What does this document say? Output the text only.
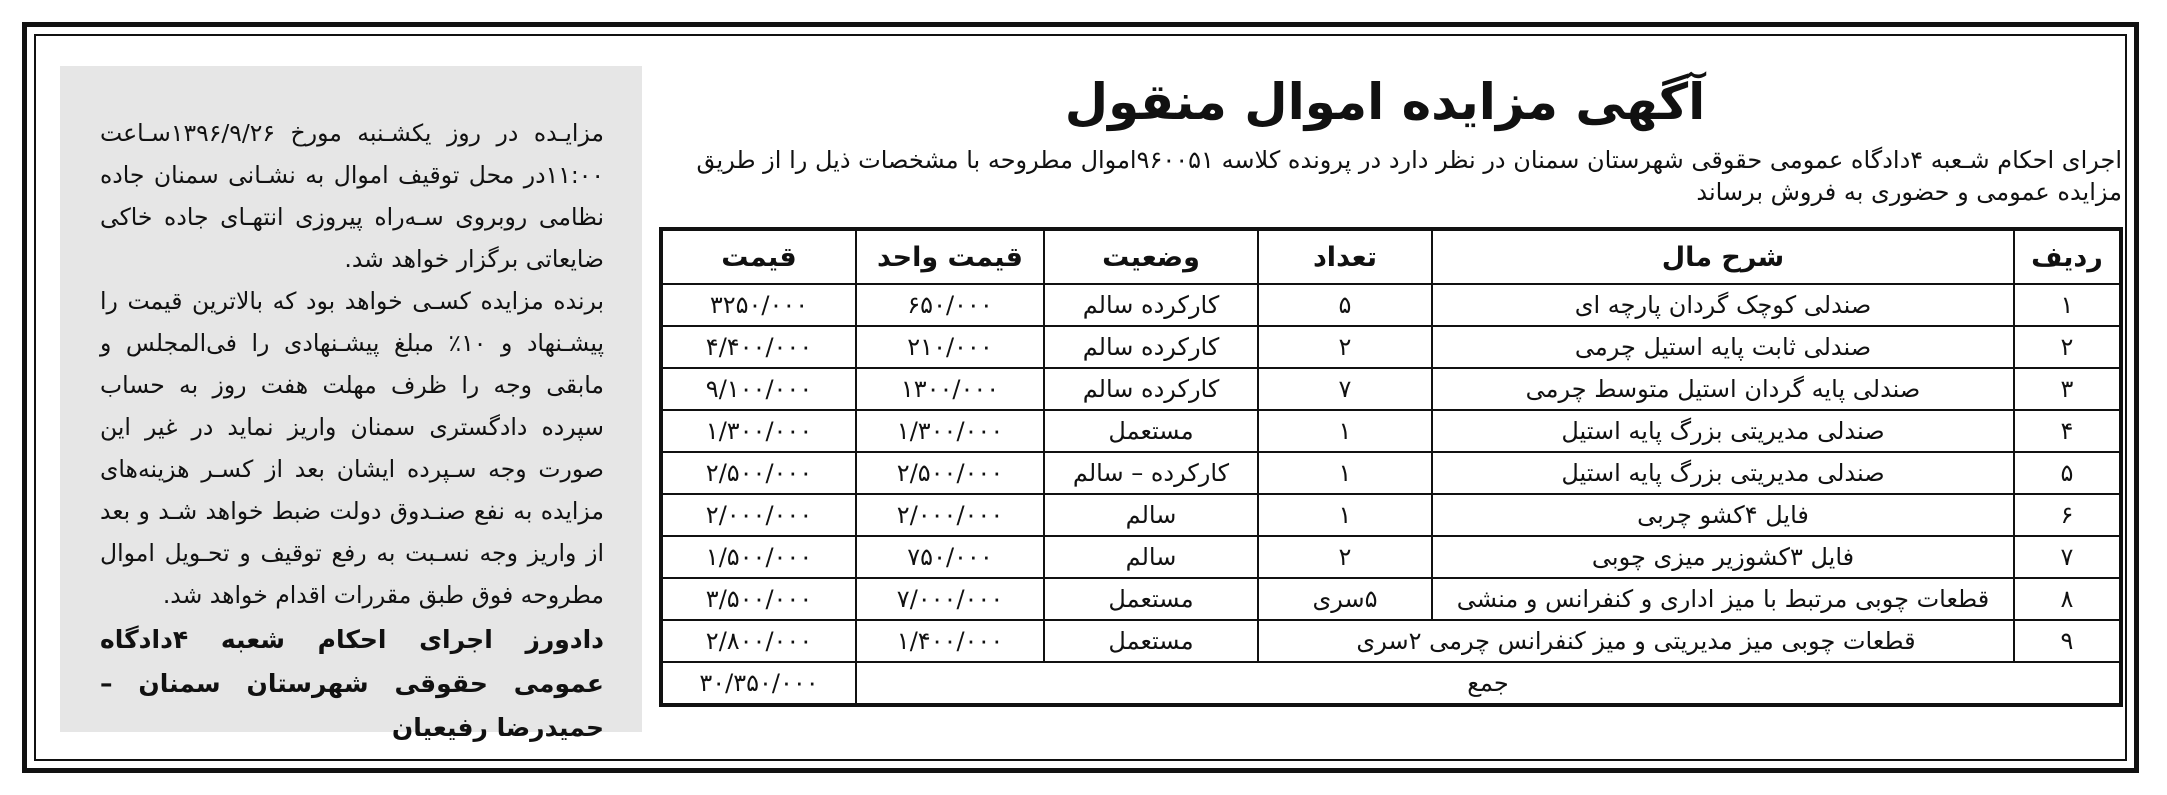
مزایـده در روز یکشـنبه مورخ ۱۳۹۶/۹/۲۶سـاعت ۱۱:۰۰در محل توقیف اموال به نشـانی سمنان جاده نظامی روبروی سـه‌راه پیروزی انتهـای جاده خاکی ضایعاتی برگزار خواهد شد.

برنده مزایده کسـی خواهد بود که بالاترین قیمت را پیشـنهاد و ۱۰٪ مبلغ پیشـنهادی را فی‌المجلس و مابقی وجه را ظرف مهلت هفت روز به حساب سپرده دادگستری سمنان واریز نماید در غیر این صورت وجه سـپرده ایشان بعد از کسـر هزینه‌های مزایده به نفع صنـدوق دولت ضبط خواهد شـد و بعد از واریز وجه نسـبت به رفع توقیف و تحـویل اموال مطروحه فوق طبق مقررات اقدام خواهد شد.

دادورز اجرای احکام شعبه ۴دادگاه عمومی حقوقی شهرستان سمنان – حمیدرضا رفیعیان
آگهی مزایده اموال منقول
اجرای احکام شـعبه ۴دادگاه عمومی حقوقی شهرستان سمنان در نظر دارد در پرونده کلاسه ۹۶۰۰۵۱اموال مطروحه با مشخصات ذیل را از طریق مزایده عمومی و حضوری به فروش برساند
ردیف	شرح مال	تعداد	وضعیت	قیمت واحد	قیمت
۱	صندلی کوچک گردان پارچه ای	۵	کارکرده سالم	۶۵۰/۰۰۰	۳۲۵۰/۰۰۰
۲	صندلی ثابت پایه استیل چرمی	۲	کارکرده سالم	۲۱۰/۰۰۰	۴/۴۰۰/۰۰۰
۳	صندلی پایه گردان استیل متوسط چرمی	۷	کارکرده سالم	۱۳۰۰/۰۰۰	۹/۱۰۰/۰۰۰
۴	صندلی مدیریتی بزرگ پایه استیل	۱	مستعمل	۱/۳۰۰/۰۰۰	۱/۳۰۰/۰۰۰
۵	صندلی مدیریتی بزرگ پایه استیل	۱	کارکرده – سالم	۲/۵۰۰/۰۰۰	۲/۵۰۰/۰۰۰
۶	فایل ۴کشو چربی	۱	سالم	۲/۰۰۰/۰۰۰	۲/۰۰۰/۰۰۰
۷	فایل ۳کشوزیر میزی چوبی	۲	سالم	۷۵۰/۰۰۰	۱/۵۰۰/۰۰۰
۸	قطعات چوبی مرتبط با میز اداری و کنفرانس و منشی	۵سری	مستعمل	۷/۰۰۰/۰۰۰	۳/۵۰۰/۰۰۰
۹	قطعات چوبی میز مدیریتی و میز کنفرانس چرمی ۲سری		مستعمل	۱/۴۰۰/۰۰۰	۲/۸۰۰/۰۰۰
جمع					۳۰/۳۵۰/۰۰۰
